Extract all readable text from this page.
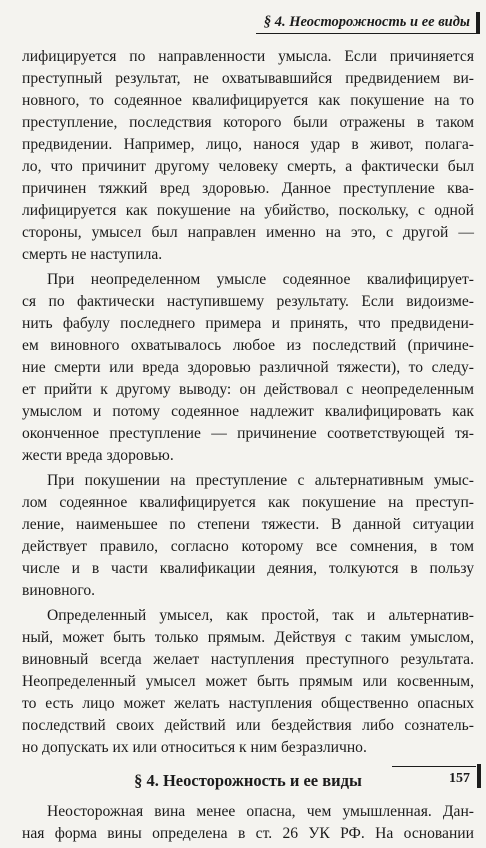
§ 4. Неосторожность и ее виды
лифицируется по направленности умысла. Если причиняется
преступный результат, не охватывавшийся предвидением ви-
новного, то содеянное квалифицируется как покушение на то
преступление, последствия которого были отражены в таком
предвидении. Например, лицо, нанося удар в живот, полага-
ло, что причинит другому человеку смерть, а фактически был
причинен тяжкий вред здоровью. Данное преступление ква-
лифицируется как покушение на убийство, поскольку, с одной
стороны, умысел был направлен именно на это, с другой —
смерть не наступила.
При неопределенном умысле содеянное квалифицирует-
ся по фактически наступившему результату. Если видоизме-
нить фабулу последнего примера и принять, что предвидени-
ем виновного охватывалось любое из последствий (причине-
ние смерти или вреда здоровью различной тяжести), то следу-
ет прийти к другому выводу: он действовал с неопределенным
умыслом и потому содеянное надлежит квалифицировать как
оконченное преступление — причинение соответствующей тя-
жести вреда здоровью.
При покушении на преступление с альтернативным умыс-
лом содеянное квалифицируется как покушение на преступ-
ление, наименьшее по степени тяжести. В данной ситуации
действует правило, согласно которому все сомнения, в том
числе и в части квалификации деяния, толкуются в пользу
виновного.
Определенный умысел, как простой, так и альтернатив-
ный, может быть только прямым. Действуя с таким умыслом,
виновный всегда желает наступления преступного результата.
Неопределенный умысел может быть прямым или косвенным,
то есть лицо может желать наступления общественно опасных
последствий своих действий или бездействия либо сознатель-
но допускать их или относиться к ним безразлично.
§ 4. Неосторожность и ее виды
Неосторожная вина менее опасна, чем умышленная. Дан-
ная форма вины определена в ст. 26 УК РФ. На основании
157
